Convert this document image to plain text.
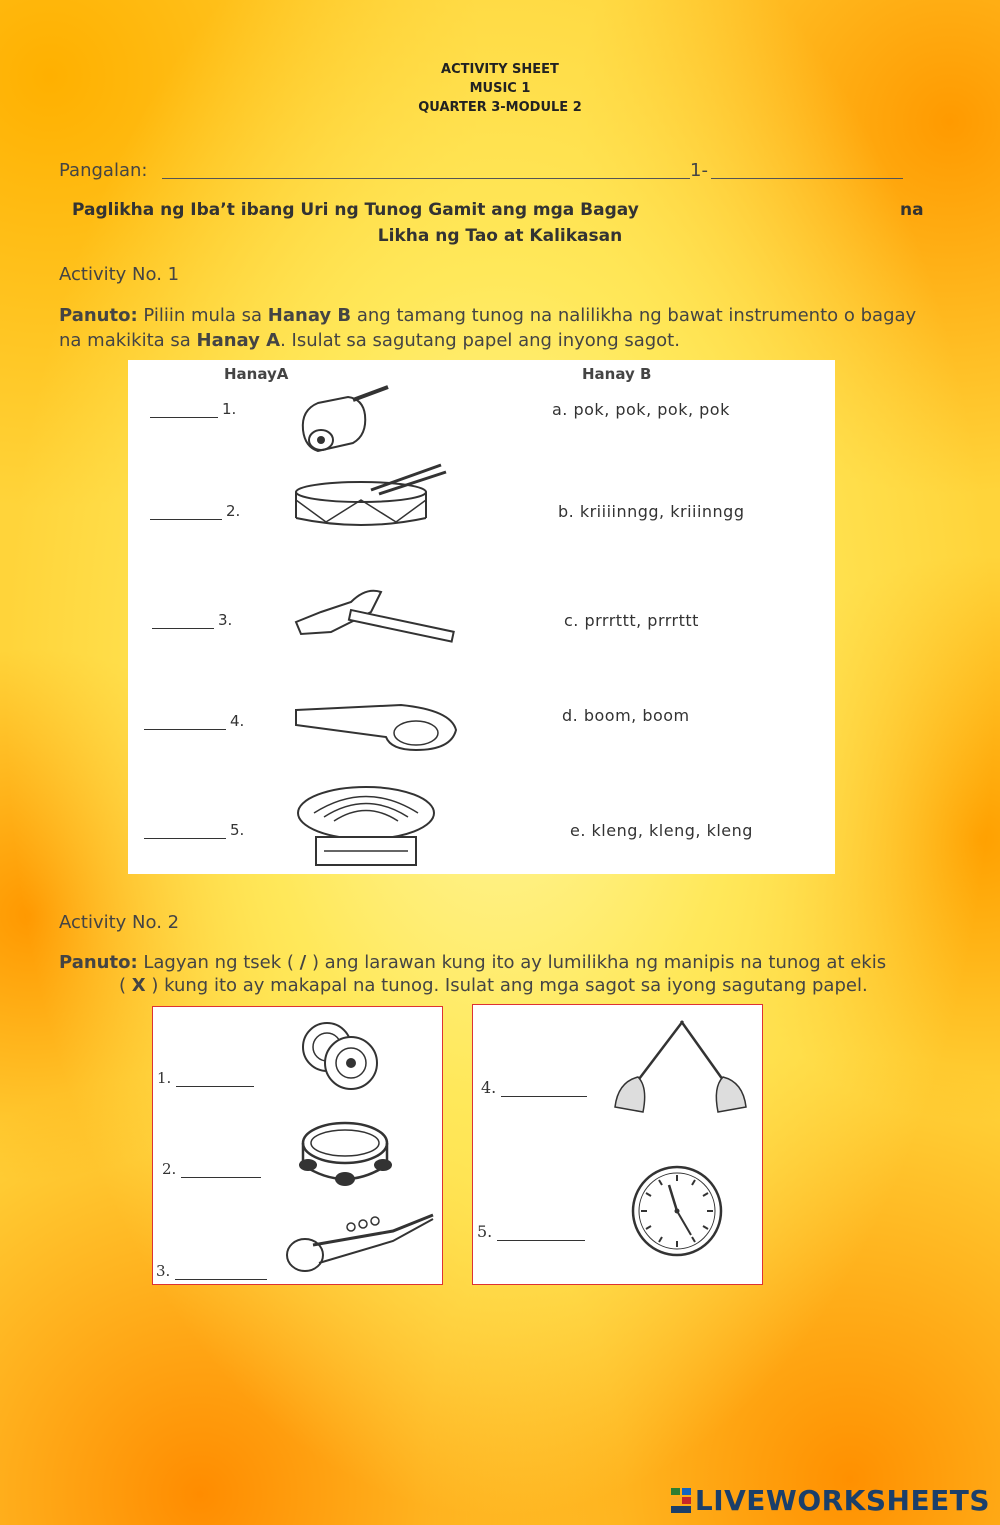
ACTIVITY SHEET
MUSIC 1
QUARTER 3-MODULE 2
Pangalan:	1-
Paglikha ng Iba’t ibang Uri ng Tunog Gamit ang mga Bagay	na
Likha ng Tao at Kalikasan
Activity No. 1
Panuto: Piliin mula sa Hanay B ang tamang tunog na nalilikha ng bawat instrumento o bagay na makikita sa Hanay A. Isulat sa sagutang papel ang inyong sagot.
HanayA	Hanay B
1.	a. pok, pok, pok, pok
2.	b. kriiiinngg, kriiinngg
3.	c. prrrttt, prrrttt
4.	d. boom, boom
5.	e. kleng, kleng, kleng
Activity No. 2
Panuto: Lagyan ng tsek ( / ) ang larawan kung ito ay lumilikha ng manipis na tunog at ekis
( X ) kung ito ay makapal na tunog. Isulat ang mga sagot sa iyong sagutang papel.
1.
2.
3.
4.
5.
LIVEWORKSHEETS
